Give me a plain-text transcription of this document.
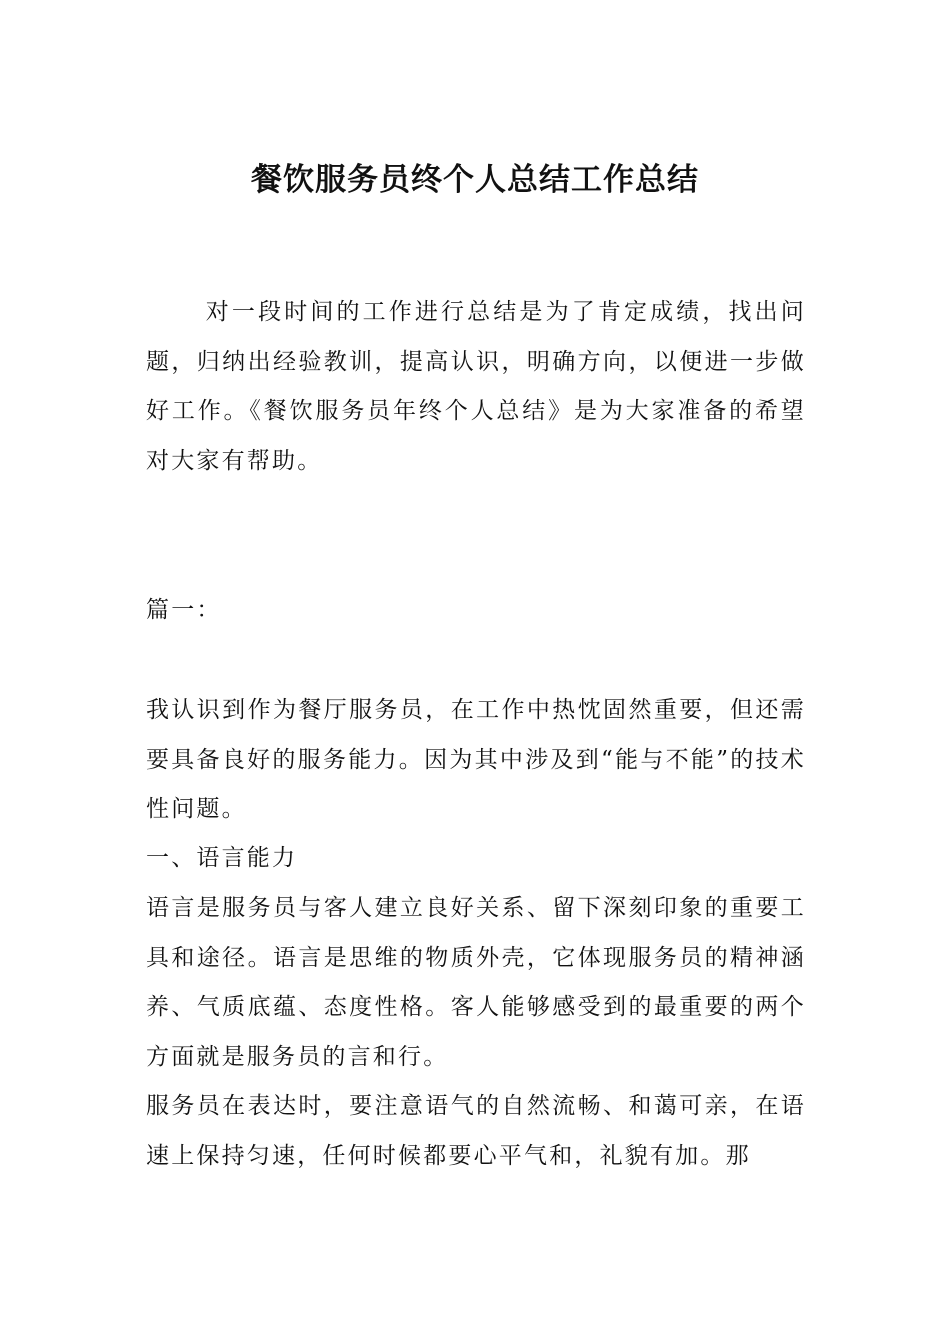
餐饮服务员终个人总结工作总结

对一段时间的工作进行总结是为了肯定成绩，找出问题，归纳出经验教训，提高认识，明确方向，以便进一步做好工作。《餐饮服务员年终个人总结》是为大家准备的希望对大家有帮助。

篇一：

我认识到作为餐厅服务员，在工作中热忱固然重要，但还需要具备良好的服务能力。因为其中涉及到“能与不能”的技术性问题。

一、语言能力

语言是服务员与客人建立良好关系、留下深刻印象的重要工具和途径。语言是思维的物质外壳，它体现服务员的精神涵养、气质底蕴、态度性格。客人能够感受到的最重要的两个方面就是服务员的言和行。

服务员在表达时，要注意语气的自然流畅、和蔼可亲，在语速上保持匀速，任何时候都要心平气和，礼貌有加。那
